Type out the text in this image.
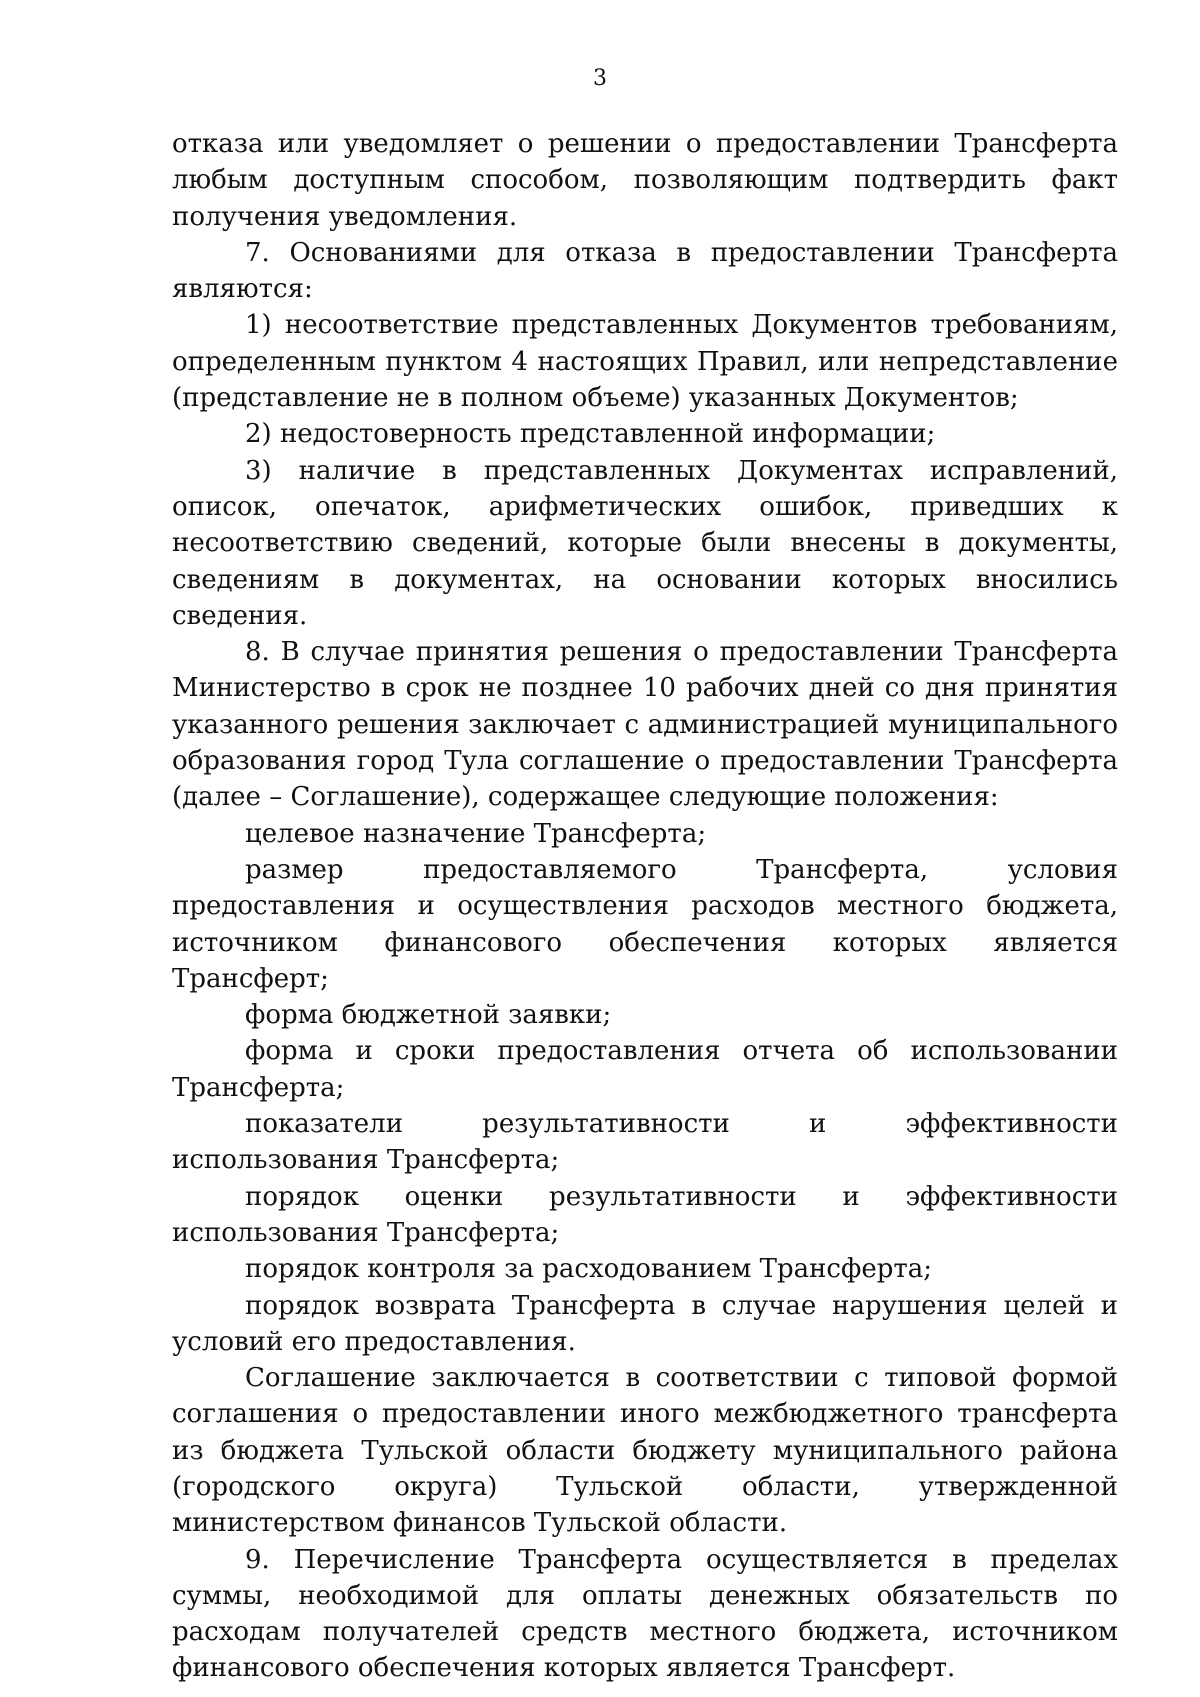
3

отказа или уведомляет о решении о предоставлении Трансферта любым доступным способом, позволяющим подтвердить факт получения уведомления.

7. Основаниями для отказа в предоставлении Трансферта являются:

1) несоответствие представленных Документов требованиям, определенным пунктом 4 настоящих Правил, или непредставление (представление не в полном объеме) указанных Документов;

2) недостоверность представленной информации;

3) наличие в представленных Документах исправлений, описок, опечаток, арифметических ошибок, приведших к несоответствию сведений, которые были внесены в документы, сведениям в документах, на основании которых вносились сведения.

8. В случае принятия решения о предоставлении Трансферта Министерство в срок не позднее 10 рабочих дней со дня принятия указанного решения заключает с администрацией муниципального образования город Тула соглашение о предоставлении Трансферта (далее – Соглашение), содержащее следующие положения:

целевое назначение Трансферта;

размер предоставляемого Трансферта, условия предоставления и осуществления расходов местного бюджета, источником финансового обеспечения которых является Трансферт;

форма бюджетной заявки;

форма и сроки предоставления отчета об использовании Трансферта;

показатели результативности и эффективности использования Трансферта;

порядок оценки результативности и эффективности использования Трансферта;

порядок контроля за расходованием Трансферта;

порядок возврата Трансферта в случае нарушения целей и условий его предоставления.

Соглашение заключается в соответствии с типовой формой соглашения о предоставлении иного межбюджетного трансферта из бюджета Тульской области бюджету муниципального района (городского округа) Тульской области, утвержденной министерством финансов Тульской области.

9. Перечисление Трансферта осуществляется в пределах суммы, необходимой для оплаты денежных обязательств по расходам получателей средств местного бюджета, источником финансового обеспечения которых является Трансферт.
